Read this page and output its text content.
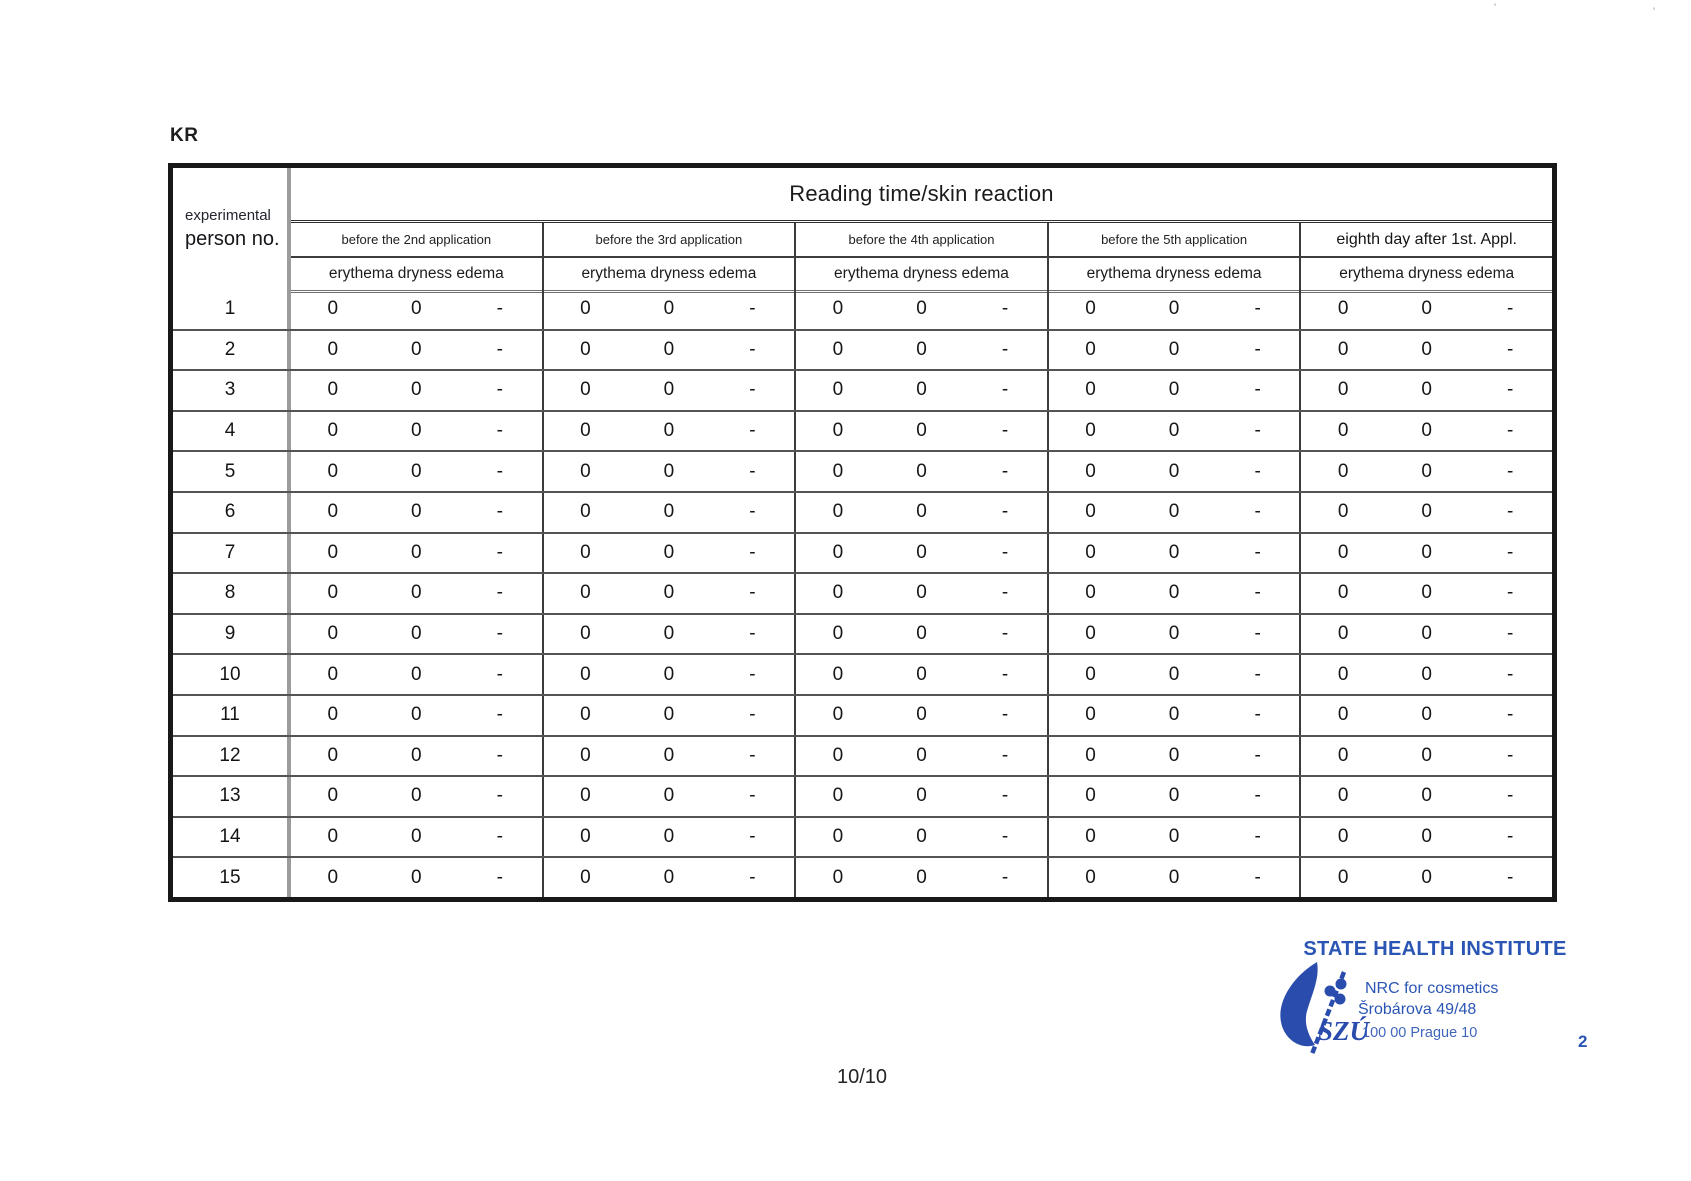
KR
experimental
person no.
Reading time/skin reaction
before the 2nd application	before the 3rd application	before the 4th application	before the 5th application	eighth day after 1st. Appl.
erythema dryness edema	erythema dryness edema	erythema dryness edema	erythema dryness edema	erythema dryness edema
1	0	0	-	0	0	-	0	0	-	0	0	-	0	0	-
2	0	0	-	0	0	-	0	0	-	0	0	-	0	0	-
3	0	0	-	0	0	-	0	0	-	0	0	-	0	0	-
4	0	0	-	0	0	-	0	0	-	0	0	-	0	0	-
5	0	0	-	0	0	-	0	0	-	0	0	-	0	0	-
6	0	0	-	0	0	-	0	0	-	0	0	-	0	0	-
7	0	0	-	0	0	-	0	0	-	0	0	-	0	0	-
8	0	0	-	0	0	-	0	0	-	0	0	-	0	0	-
9	0	0	-	0	0	-	0	0	-	0	0	-	0	0	-
10	0	0	-	0	0	-	0	0	-	0	0	-	0	0	-
11	0	0	-	0	0	-	0	0	-	0	0	-	0	0	-
12	0	0	-	0	0	-	0	0	-	0	0	-	0	0	-
13	0	0	-	0	0	-	0	0	-	0	0	-	0	0	-
14	0	0	-	0	0	-	0	0	-	0	0	-	0	0	-
15	0	0	-	0	0	-	0	0	-	0	0	-	0	0	-
STATE HEALTH INSTITUTE
SZÚ
NRC for cosmetics
Šrobárova 49/48
100 00 Prague 10	2
10/10
'	'
